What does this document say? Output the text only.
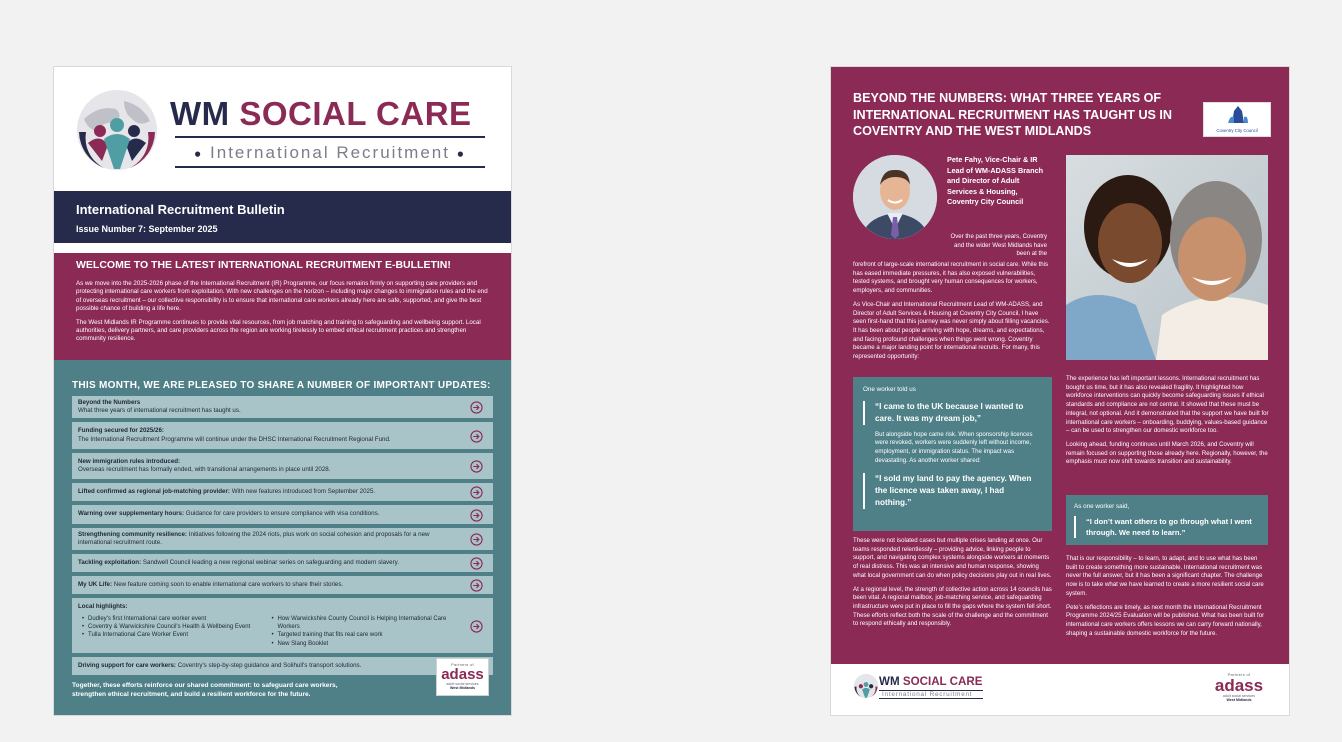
WM SOCIAL CARE
● International Recruitment ●
International Recruitment Bulletin
Issue Number 7: September 2025
WELCOME TO THE LATEST INTERNATIONAL RECRUITMENT E-BULLETIN!

As we move into the 2025-2026 phase of the International Recruitment (IR) Programme, our focus remains firmly on supporting care providers and protecting international care workers from exploitation. With new challenges on the horizon – including major changes to immigration rules and the end of overseas recruitment – our collective responsibility is to ensure that international care workers already here are safe, supported, and give the best possible chance of building a life here.

The West Midlands IR Programme continues to provide vital resources, from job matching and training to safeguarding and wellbeing support. Local authorities, delivery partners, and care providers across the region are working tirelessly to embed ethical recruitment practices and strengthen community resilience.

THIS MONTH, WE ARE PLEASED TO SHARE A NUMBER OF IMPORTANT UPDATES:
Beyond the Numbers
What three years of international recruitment has taught us.
Funding secured for 2025/26:
The International Recruitment Programme will continue under the DHSC International Recruitment Regional Fund.
New immigration rules introduced:
Overseas recruitment has formally ended, with transitional arrangements in place until 2028.
Lifted confirmed as regional job-matching provider: With new features introduced from September 2025.
Warning over supplementary hours: Guidance for care providers to ensure compliance with visa conditions.
Strengthening community resilience: Initiatives following the 2024 riots, plus work on social cohesion and proposals for a new international recruitment route.
Tackling exploitation: Sandwell Council leading a new regional webinar series on safeguarding and modern slavery.
My UK Life: New feature coming soon to enable international care workers to share their stories.
Local highlights:
• Dudley's first International care worker event
• Coventry & Warwickshire Council's Health & Wellbeing Event
• Tulla International Care Worker Event
• How Warwickshire County Council is Helping International Care Workers
• Targeted training that fits real care work
• New Slang Booklet
Driving support for care workers: Coventry's step-by-step guidance and Solihull's transport solutions.
Together, these efforts reinforce our shared commitment: to safeguard care workers, strengthen ethical recruitment, and build a resilient workforce for the future.
Partners of
adass
adult social services
West Midlands
BEYOND THE NUMBERS: WHAT THREE YEARS OF INTERNATIONAL RECRUITMENT HAS TAUGHT US IN COVENTRY AND THE WEST MIDLANDS	Coventry City Council
Pete Fahy, Vice-Chair & IR Lead of WM-ADASS Branch and Director of Adult Services & Housing, Coventry City Council

Over the past three years, Coventry and the wider West Midlands have been at the

forefront of large-scale international recruitment in social care. While this has eased immediate pressures, it has also exposed vulnerabilities, tested systems, and brought very human consequences for workers, employers, and communities.

As Vice-Chair and International Recruitment Lead of WM-ADASS, and Director of Adult Services & Housing at Coventry City Council, I have seen first-hand that this journey was never simply about filling vacancies. It has been about people arriving with hope, dreams, and expectations, and facing profound challenges when things went wrong. Coventry became a major landing point for international recruits. For many, this represented opportunity:

One worker told us
“I came to the UK because I wanted to care. It was my dream job,”
But alongside hope came risk. When sponsorship licences were revoked, workers were suddenly left without income, employment, or immigration status. The impact was devastating. As another worker shared:
“I sold my land to pay the agency. When the licence was taken away, I had nothing.”

These were not isolated cases but multiple crises landing at once. Our teams responded relentlessly – providing advice, linking people to support, and navigating complex systems alongside workers at moments of real distress. This was an intensive and human response, showing what local government can do when policy decisions play out in real lives.

At a regional level, the strength of collective action across 14 councils has been vital. A regional mailbox, job-matching service, and safeguarding infrastructure were put in place to fill the gaps where the system fell short. These efforts reflect both the scale of the challenge and the commitment to respond ethically and responsibly.

The experience has left important lessons. International recruitment has bought us time, but it has also revealed fragility. It highlighted how workforce interventions can quickly become safeguarding issues if ethical standards and compliance are not central. It showed that these must be integral, not optional. And it demonstrated that the support we have built for international care workers – onboarding, buddying, values-based guidance – can be used to strengthen our domestic workforce too.

Looking ahead, funding continues until March 2026, and Coventry will remain focused on supporting those already here. Regionally, however, the emphasis must now shift towards transition and sustainability.

As one worker said,
“I don’t want others to go through what I went through. We need to learn.”

That is our responsibility – to learn, to adapt, and to use what has been built to create something more sustainable. International recruitment was never the full answer, but it has been a significant chapter. The challenge now is to take what we have learned to create a more resilient social care system.

Pete’s reflections are timely, as next month the International Recruitment Programme 2024/25 Evaluation will be published. What has been built for international care workers offers lessons we can carry forward nationally, shaping a sustainable domestic workforce for the future.

WM SOCIAL CARE
International Recruitment
Partners of
adass
adult social services
West Midlands
